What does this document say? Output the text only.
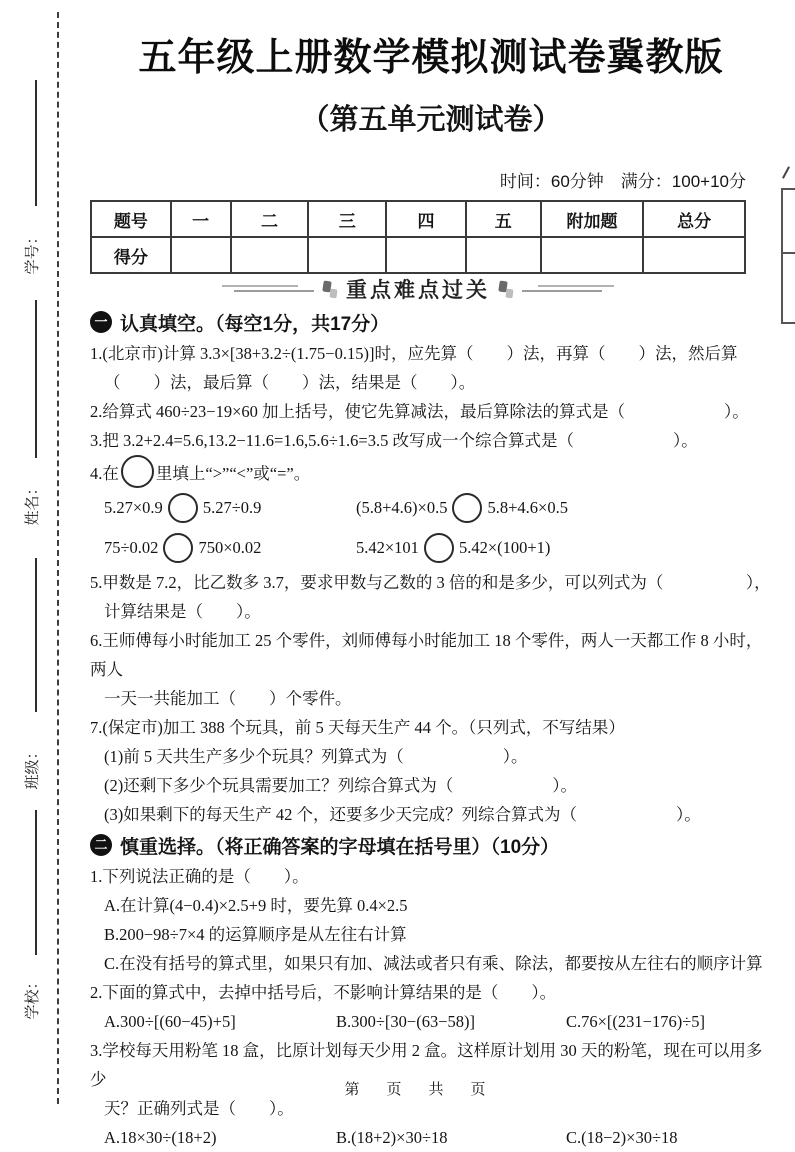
学号：
姓名：
班级：
学校：
五年级上册数学模拟测试卷冀教版
（第五单元测试卷）
时间：60分钟　满分：100+10分
题号	一	二	三	四	五	附加题	总分
得分							
重点难点过关
一 认真填空。（每空1分，共17分）
1.(北京市)计算 3.3×[38+3.2÷(1.75−0.15)]时，应先算（　　）法，再算（　　）法，然后算
（　　）法，最后算（　　）法，结果是（　　）。
2.给算式 460÷23−19×60 加上括号，使它先算减法，最后算除法的算式是（　　　　　　）。
3.把 3.2+2.4=5.6,13.2−11.6=1.6,5.6÷1.6=3.5 改写成一个综合算式是（　　　　　　）。
4.在 里填上“>”“<”或“=”。
5.27×0.9 5.27÷0.9	(5.8+4.6)×0.5 5.8+4.6×0.5
75÷0.02 750×0.02	5.42×101 5.42×(100+1)
5.甲数是 7.2，比乙数多 3.7，要求甲数与乙数的 3 倍的和是多少，可以列式为（　　　　　），
计算结果是（　　）。
6.王师傅每小时能加工 25 个零件，刘师傅每小时能加工 18 个零件，两人一天都工作 8 小时，两人
一天一共能加工（　　）个零件。
7.(保定市)加工 388 个玩具，前 5 天每天生产 44 个。（只列式，不写结果）
(1)前 5 天共生产多少个玩具？列算式为（　　　　　　）。
(2)还剩下多少个玩具需要加工？列综合算式为（　　　　　　）。
(3)如果剩下的每天生产 42 个，还要多少天完成？列综合算式为（　　　　　　）。
二 慎重选择。（将正确答案的字母填在括号里）（10分）
1.下列说法正确的是（　　）。
A.在计算(4−0.4)×2.5+9 时，要先算 0.4×2.5
B.200−98÷7×4 的运算顺序是从左往右计算
C.在没有括号的算式里，如果只有加、减法或者只有乘、除法，都要按从左往右的顺序计算
2.下面的算式中，去掉中括号后，不影响计算结果的是（　　）。
A.300÷[(60−45)+5]	B.300÷[30−(63−58)]	C.76×[(231−176)÷5]
3.学校每天用粉笔 18 盒，比原计划每天少用 2 盒。这样原计划用 30 天的粉笔，现在可以用多少
天？正确列式是（　　）。
A.18×30÷(18+2)	B.(18+2)×30÷18	C.(18−2)×30÷18
第　页　共　页
